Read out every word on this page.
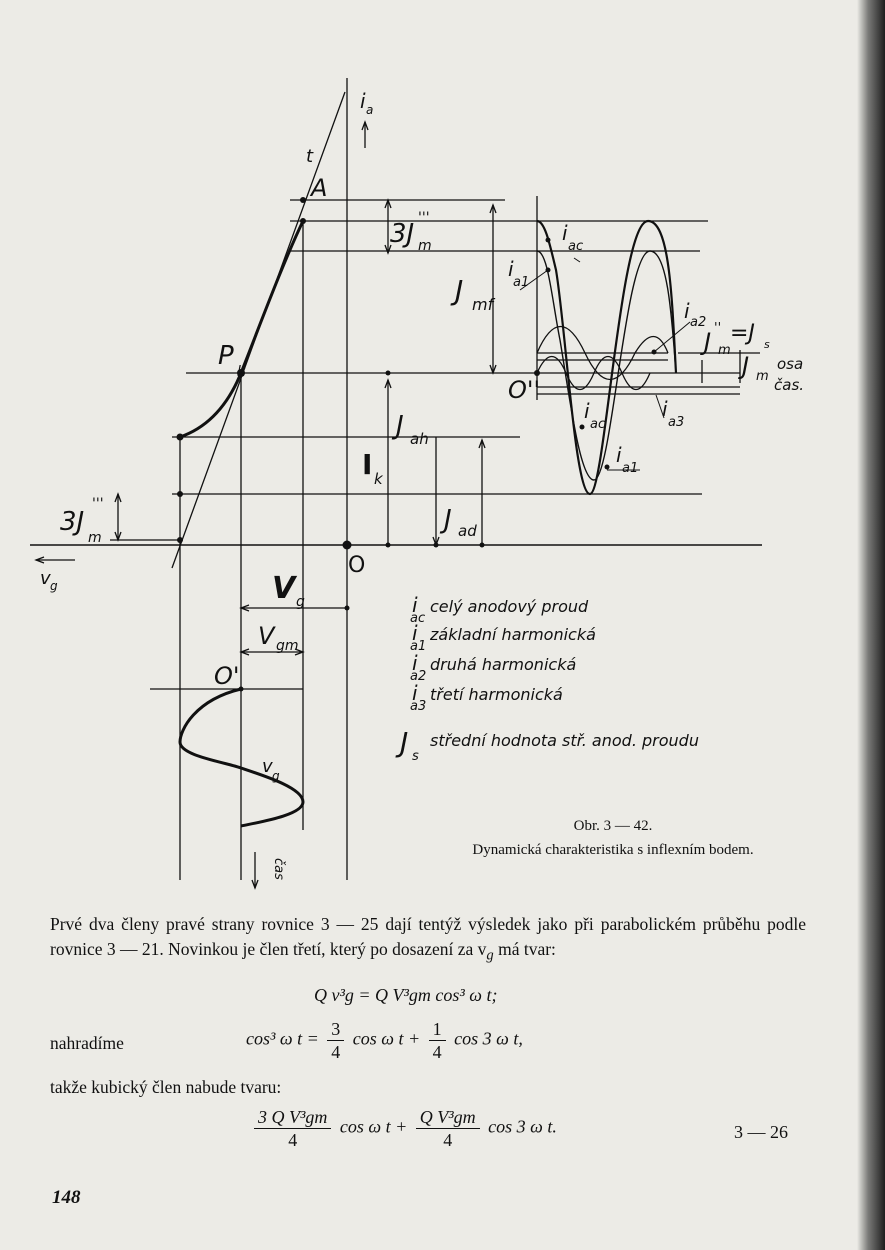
i a
t
A
P
k
3J m
'''
J mf
i
ac
i
a1
i a2
J ''
m
=J s
J m
osa
čas.
O''
i
ac
i
a3
i
a1
J ah
I k
J ad
3J
m
'''
v g
O
V g
V gm
O'
v g
čas
i
ac
celý anodový proud
i
a1
základní harmonická
i
a2
druhá harmonická
i
a3
třetí harmonická
J s
střední hodnota stř. anod. proudu
Obr. 3 — 42.
Dynamická charakteristika s inflexním bodem.
Prvé dva členy pravé strany rovnice 3 — 25 dají tentýž výsledek jako při parabolickém průběhu podle rovnice 3 — 21. Novinkou je člen třetí, který po dosazení za $v_g$ má tvar:
Q v³g = Q V³gm cos³ ω t;
nahradíme	cos³ ω $t = \frac{3}{4}$ cos ω $t + \frac{1}{4}$ cos 3 ω t,
takže kubický člen nabude tvaru:
$\frac{\text{3 Q V³gm}}{4}$ cos ω $t + \frac{\text{Q V³gm}}{4}$ cos 3 ω t.	3 — 26
148
